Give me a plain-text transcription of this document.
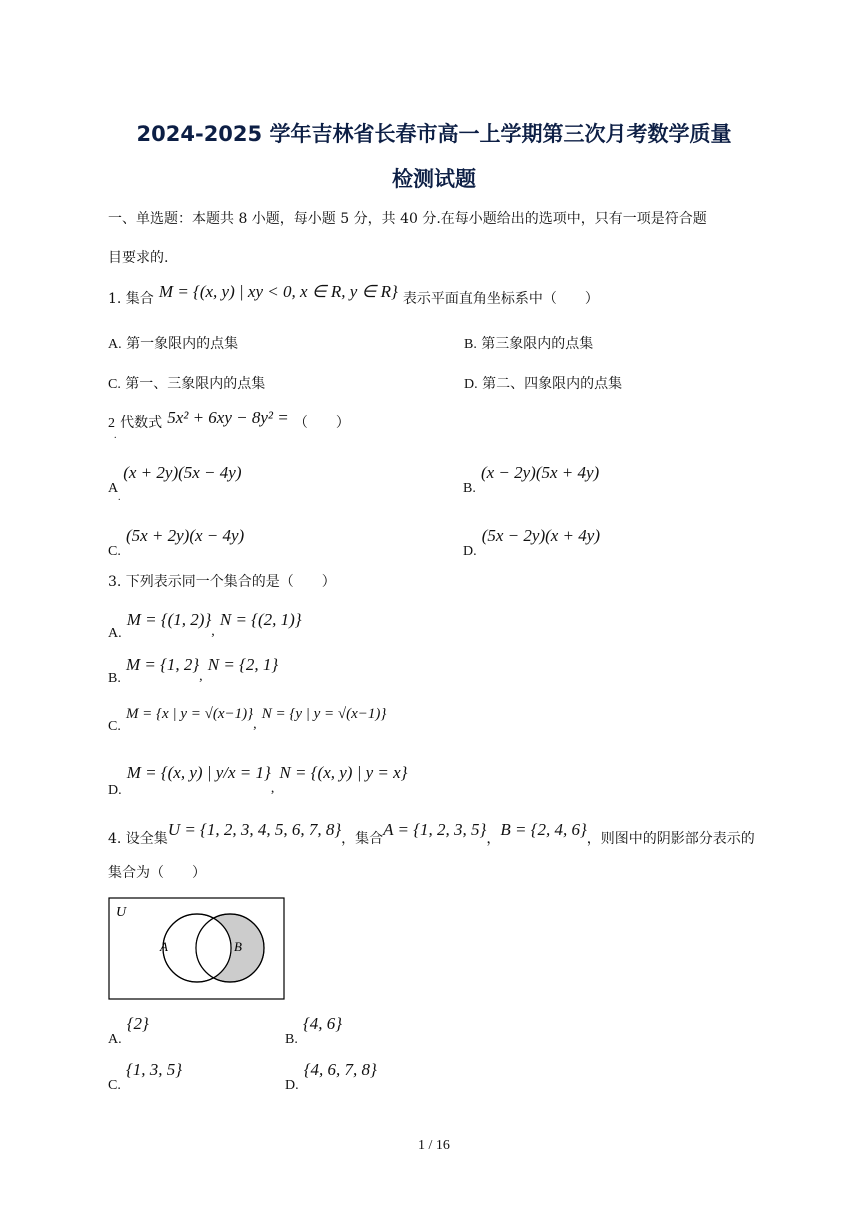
2024-2025 学年吉林省长春市高一上学期第三次月考数学质量
检测试题
一、单选题：本题共 8 小题，每小题 5 分，共 40 分.在每小题给出的选项中，只有一项是符合题
目要求的.
1. 集合 M = {(x, y) | xy < 0, x ∈ R, y ∈ R} 表示平面直角坐标系中（　　）
A. 第一象限内的点集	B. 第三象限内的点集
C. 第一、三象限内的点集	D. 第二、四象限内的点集
2 代数式 5x² + 6xy − 8y² = （　　）
.
A (x + 2y)(5x − 4y)
.
B. (x − 2y)(5x + 4y)
C. (5x + 2y)(x − 4y)
D. (5x − 2y)(x + 4y)
3. 下列表示同一个集合的是（　　）
A. M = {(1, 2)}, N = {(2, 1)}
B. M = {1, 2}, N = {2, 1}
C. M = {x | y = √(x−1)}, N = {y | y = √(x−1)}
D. M = {(x, y) | y/x = 1}, N = {(x, y) | y = x}
4. 设全集U = {1, 2, 3, 4, 5, 6, 7, 8}，集合A = {1, 2, 3, 5}，B = {2, 4, 6}，则图中的阴影部分表示的
集合为（　　）
U
A	B
A. {2}
B. {4, 6}
C. {1, 3, 5}
D. {4, 6, 7, 8}
1 / 16
